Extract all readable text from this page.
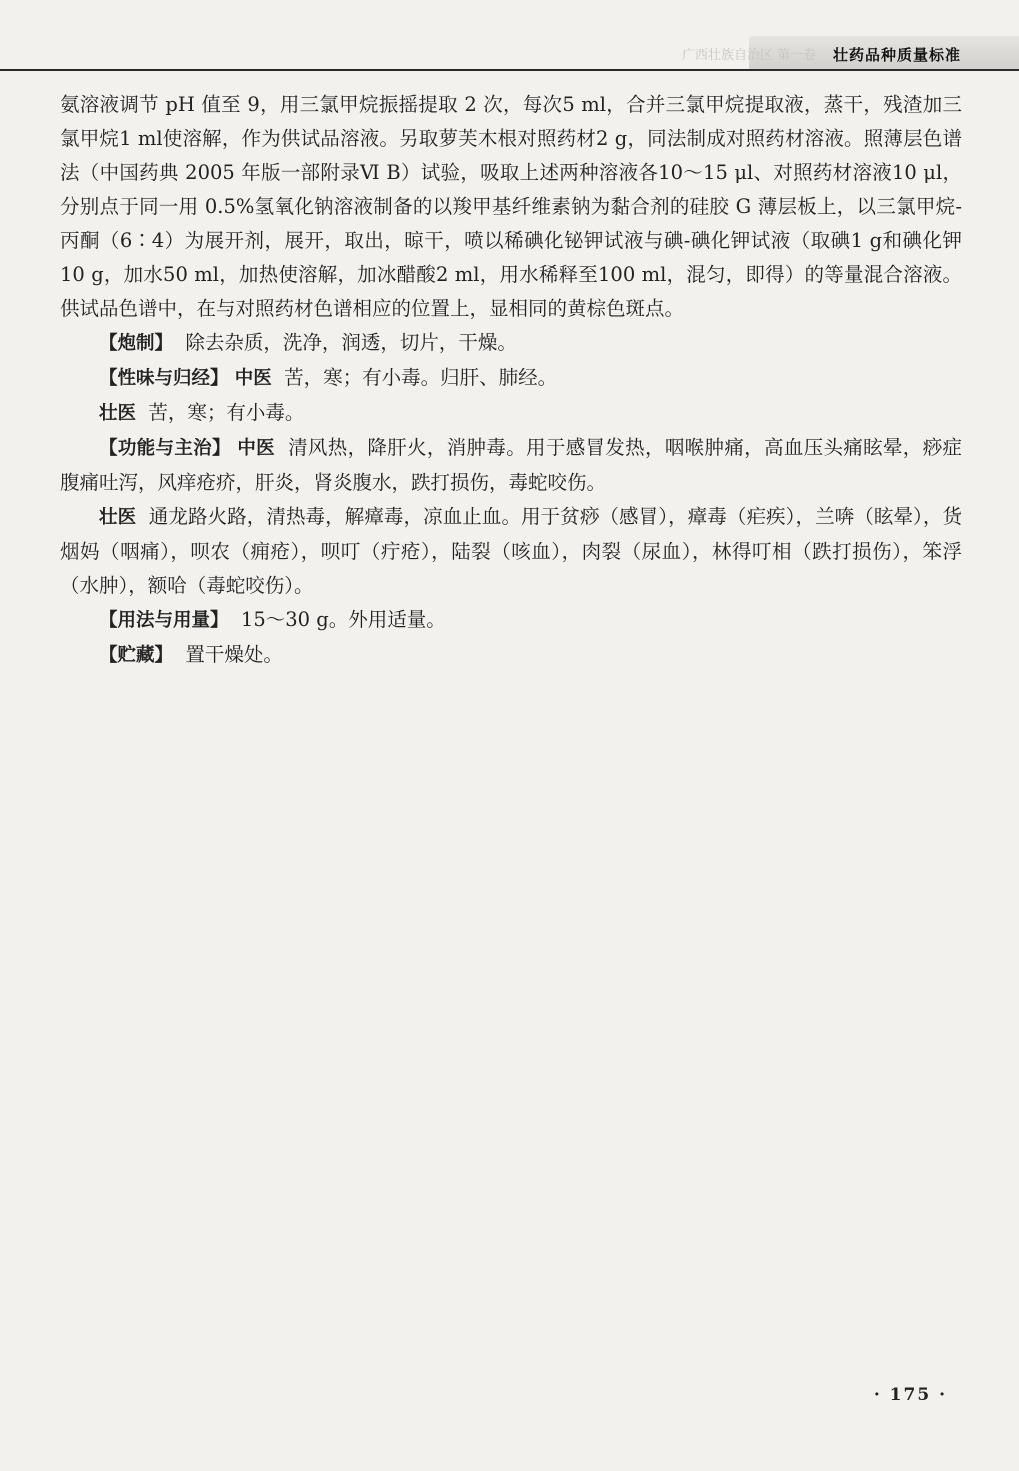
广西壮族自治区 第一卷 壮药品种质量标准

氨溶液调节 pH 值至 9，用三氯甲烷振摇提取 2 次，每次5 ml，合并三氯甲烷提取液，蒸干，残渣加三氯甲烷1 ml使溶解，作为供试品溶液。另取萝芙木根对照药材2 g，同法制成对照药材溶液。照薄层色谱法（中国药典 2005 年版一部附录Ⅵ B）试验，吸取上述两种溶液各10～15 μl、对照药材溶液10 μl，分别点于同一用 0.5%氢氧化钠溶液制备的以羧甲基纤维素钠为黏合剂的硅胶 G 薄层板上，以三氯甲烷-丙酮（6∶4）为展开剂，展开，取出，晾干，喷以稀碘化铋钾试液与碘-碘化钾试液（取碘1 g和碘化钾10 g，加水50 ml，加热使溶解，加冰醋酸2 ml，用水稀释至100 ml，混匀，即得）的等量混合溶液。供试品色谱中，在与对照药材色谱相应的位置上，显相同的黄棕色斑点。

【炮制】 除去杂质，洗净，润透，切片，干燥。

【性味与归经】 中医 苦，寒；有小毒。归肝、肺经。

壮医 苦，寒；有小毒。

【功能与主治】 中医 清风热，降肝火，消肿毒。用于感冒发热，咽喉肿痛，高血压头痛眩晕，痧症腹痛吐泻，风痒疮疥，肝炎，肾炎腹水，跌打损伤，毒蛇咬伤。

壮医 通龙路火路，清热毒，解瘴毒，凉血止血。用于贫痧（感冒），瘴毒（疟疾），兰喯（眩晕），货烟妈（咽痛），呗农（痈疮），呗叮（疔疮），陆裂（咳血），肉裂（尿血），林得叮相（跌打损伤），笨浮（水肿），额哈（毒蛇咬伤）。

【用法与用量】 15～30 g。外用适量。

【贮藏】 置干燥处。

· 175 ·
